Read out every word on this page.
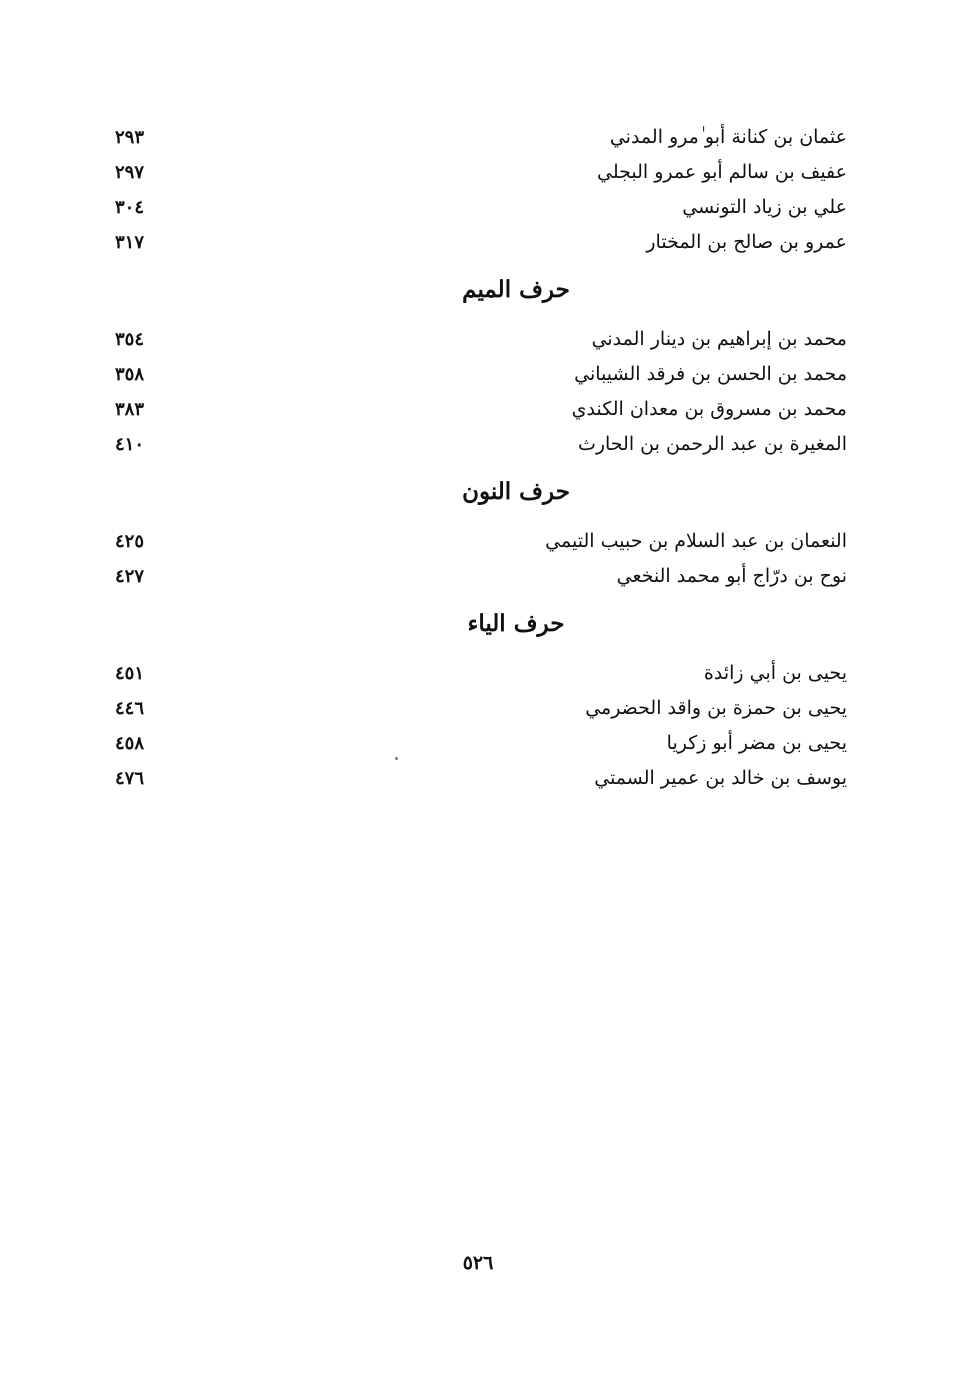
عثمان بن كنانة أبو ٰمرو المدني
٢٩٣
عفيف بن سالم أبو عمرو البجلي
٢٩٧
علي بن زياد التونسي
٣٠٤
عمرو بن صالح بن المختار
٣١٧
حرف الميم
محمد بن إبراهيم بن دينار المدني
٣٥٤
محمد بن الحسن بن فرقد الشيباني
٣٥٨
محمد بن مسروق بن معدان الكندي
٣٨٣
المغيرة بن عبد الرحمن بن الحارث
٤١٠
حرف النون
النعمان بن عبد السلام بن حبيب التيمي
٤٢٥
نوح بن درّاج أبو محمد النخعي
٤٢٧
حرف الياء
يحيى بن أبي زائدة
٤٥١
يحيى بن حمزة بن واقد الحضرمي
٤٤٦
يحيى بن مضر أبو زكريا
٤٥٨
يوسف بن خالد بن عمير السمتي
٤٧٦
٥٢٦
